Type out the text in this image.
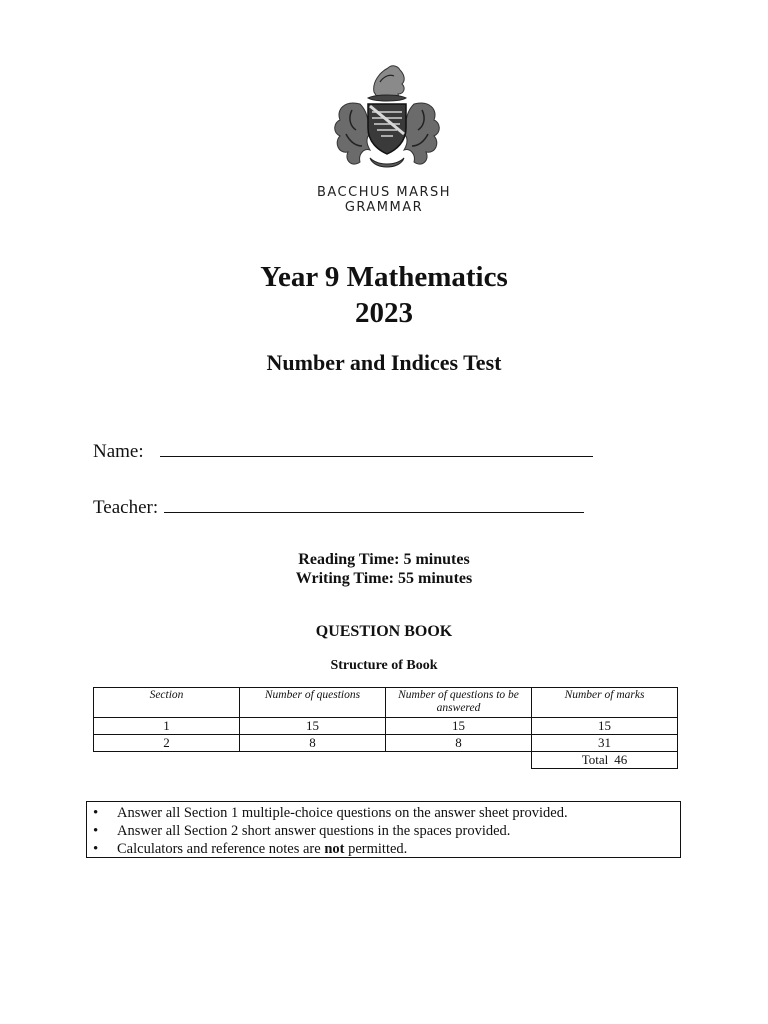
BACCHUS MARSH
GRAMMAR
Year 9 Mathematics
2023
Number and Indices Test
Name:
Teacher:
Reading Time: 5 minutes
Writing Time: 55 minutes
QUESTION BOOK
Structure of Book
Section	Number of questions	Number of questions to be answered	Number of marks
1	15	15	15
2	8	8	31
			Total 46
• Answer all Section 1 multiple-choice questions on the answer sheet provided.
• Answer all Section 2 short answer questions in the spaces provided.
• Calculators and reference notes are not permitted.
